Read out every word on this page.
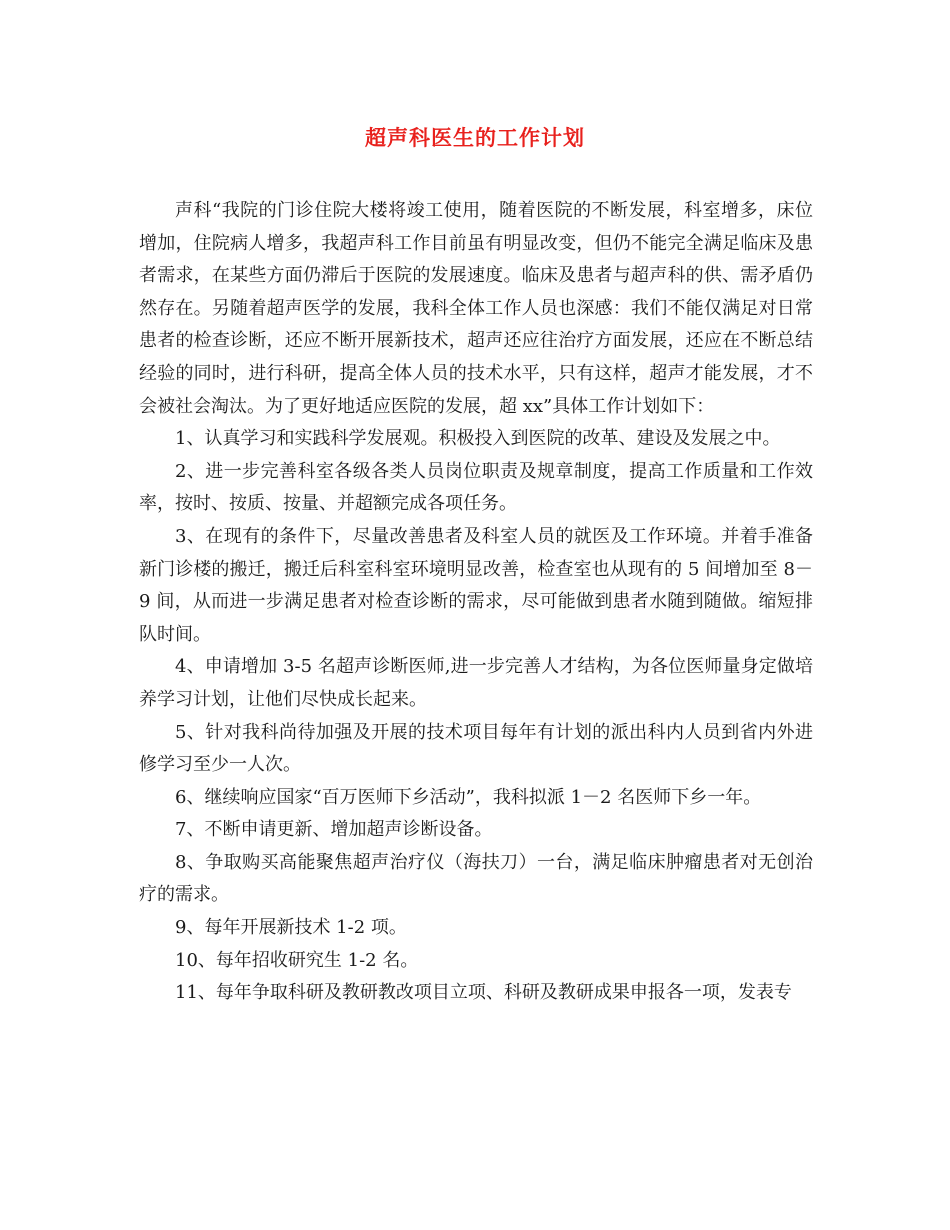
超声科医生的工作计划

声科“我院的门诊住院大楼将竣工使用，随着医院的不断发展，科室增多，床位增加，住院病人增多，我超声科工作目前虽有明显改变，但仍不能完全满足临床及患者需求，在某些方面仍滞后于医院的发展速度。临床及患者与超声科的供、需矛盾仍然存在。另随着超声医学的发展，我科全体工作人员也深感：我们不能仅满足对日常患者的检查诊断，还应不断开展新技术，超声还应往治疗方面发展，还应在不断总结经验的同时，进行科研，提高全体人员的技术水平，只有这样，超声才能发展，才不会被社会淘汰。为了更好地适应医院的发展，超 xx”具体工作计划如下：

1、认真学习和实践科学发展观。积极投入到医院的改革、建设及发展之中。

2、进一步完善科室各级各类人员岗位职责及规章制度，提高工作质量和工作效率，按时、按质、按量、并超额完成各项任务。

3、在现有的条件下，尽量改善患者及科室人员的就医及工作环境。并着手准备新门诊楼的搬迁，搬迁后科室科室环境明显改善，检查室也从现有的 5 间增加至 8－9 间，从而进一步满足患者对检查诊断的需求，尽可能做到患者水随到随做。缩短排队时间。

4、申请增加 3-5 名超声诊断医师,进一步完善人才结构，为各位医师量身定做培养学习计划，让他们尽快成长起来。

5、针对我科尚待加强及开展的技术项目每年有计划的派出科内人员到省内外进修学习至少一人次。

6、继续响应国家“百万医师下乡活动”，我科拟派 1－2 名医师下乡一年。

7、不断申请更新、增加超声诊断设备。

8、争取购买高能聚焦超声治疗仪（海扶刀）一台，满足临床肿瘤患者对无创治疗的需求。

9、每年开展新技术 1-2 项。

10、每年招收研究生 1-2 名。

11、每年争取科研及教研教改项目立项、科研及教研成果申报各一项，发表专
